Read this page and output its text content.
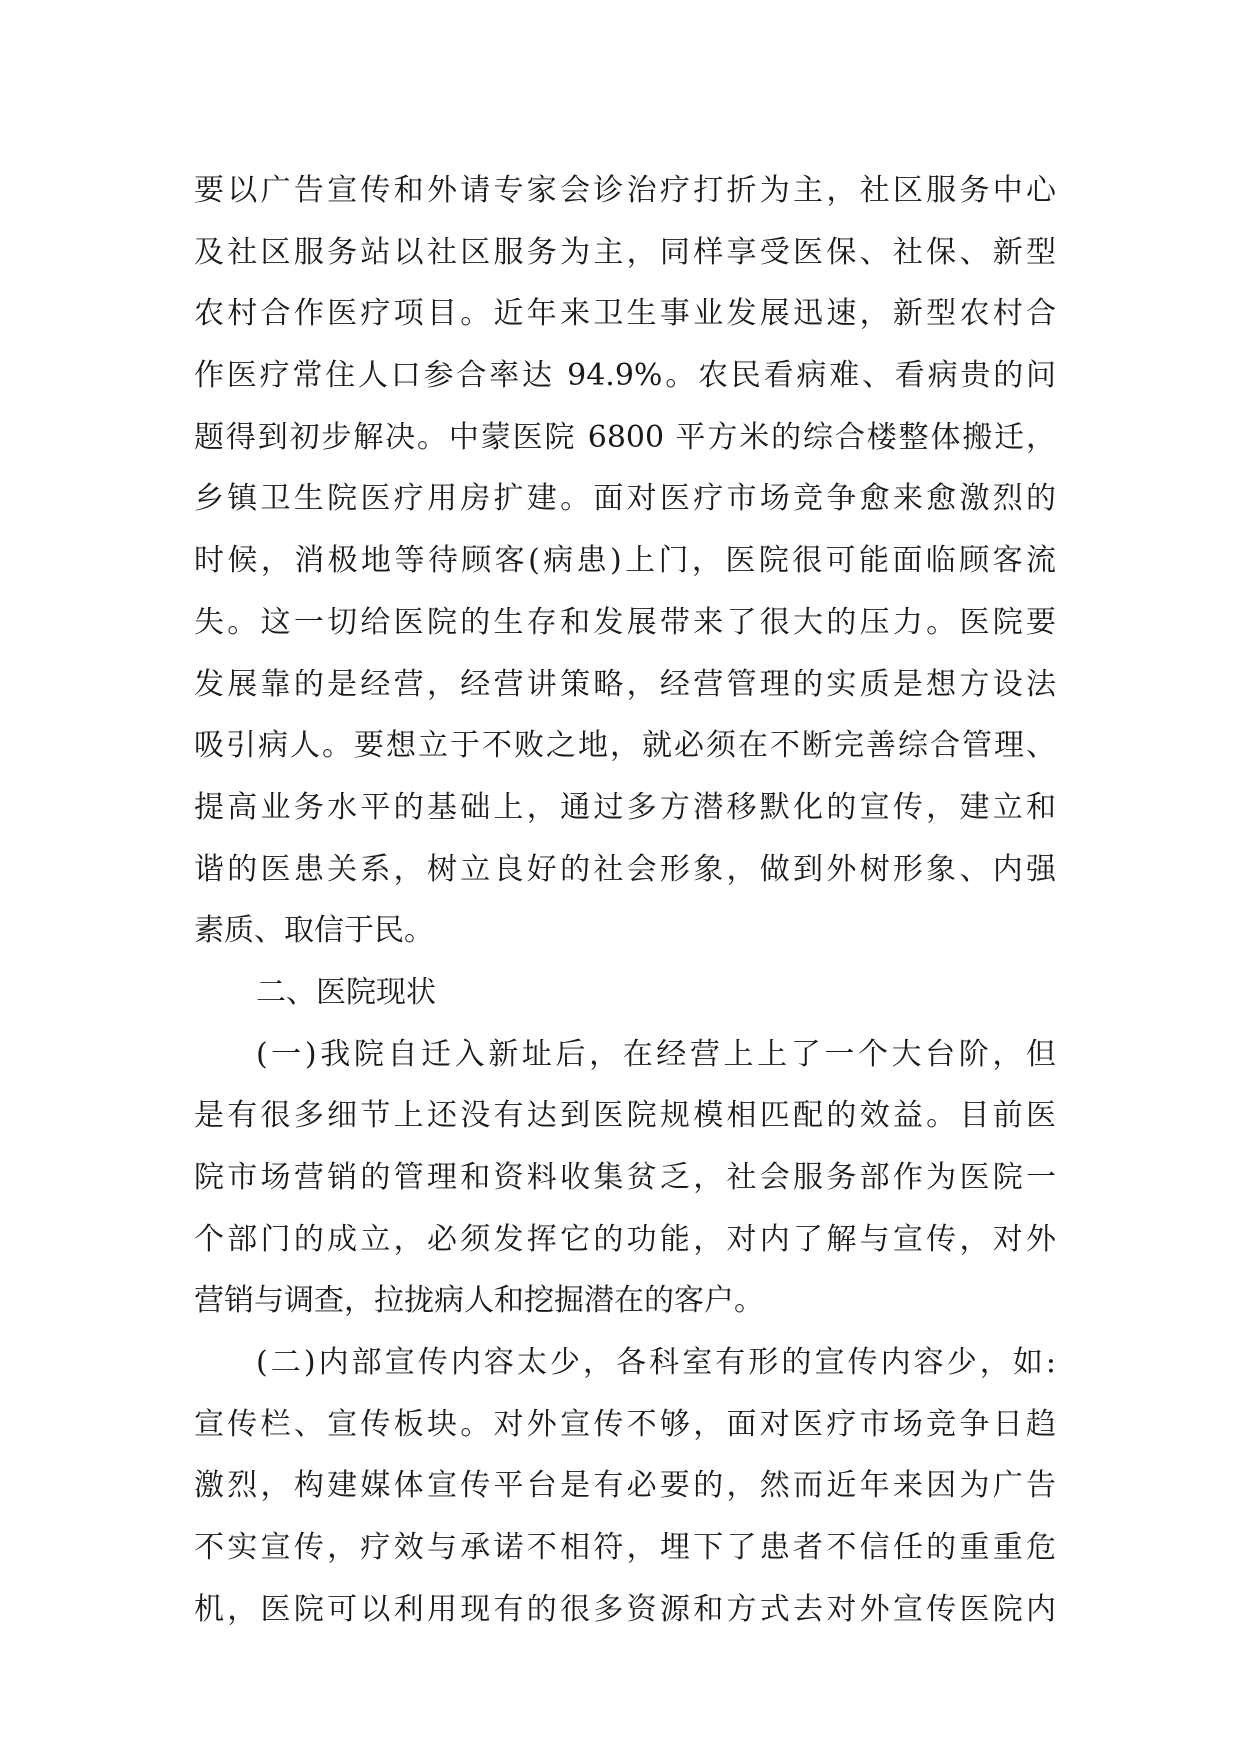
要以广告宣传和外请专家会诊治疗打折为主，社区服务中心
及社区服务站以社区服务为主，同样享受医保、社保、新型
农村合作医疗项目。近年来卫生事业发展迅速，新型农村合
作医疗常住人口参合率达 94.9%。农民看病难、看病贵的问
题得到初步解决。中蒙医院 6800 平方米的综合楼整体搬迁，
乡镇卫生院医疗用房扩建。面对医疗市场竞争愈来愈激烈的
时候，消极地等待顾客(病患)上门，医院很可能面临顾客流
失。这一切给医院的生存和发展带来了很大的压力。医院要
发展靠的是经营，经营讲策略，经营管理的实质是想方设法
吸引病人。要想立于不败之地，就必须在不断完善综合管理、
提高业务水平的基础上，通过多方潜移默化的宣传，建立和
谐的医患关系，树立良好的社会形象，做到外树形象、内强
素质、取信于民。
二、医院现状
(一)我院自迁入新址后，在经营上上了一个大台阶，但
是有很多细节上还没有达到医院规模相匹配的效益。目前医
院市场营销的管理和资料收集贫乏，社会服务部作为医院一
个部门的成立，必须发挥它的功能，对内了解与宣传，对外
营销与调查，拉拢病人和挖掘潜在的客户。
(二)内部宣传内容太少，各科室有形的宣传内容少，如:
宣传栏、宣传板块。对外宣传不够，面对医疗市场竞争日趋
激烈，构建媒体宣传平台是有必要的，然而近年来因为广告
不实宣传，疗效与承诺不相符，埋下了患者不信任的重重危
机，医院可以利用现有的很多资源和方式去对外宣传医院内
